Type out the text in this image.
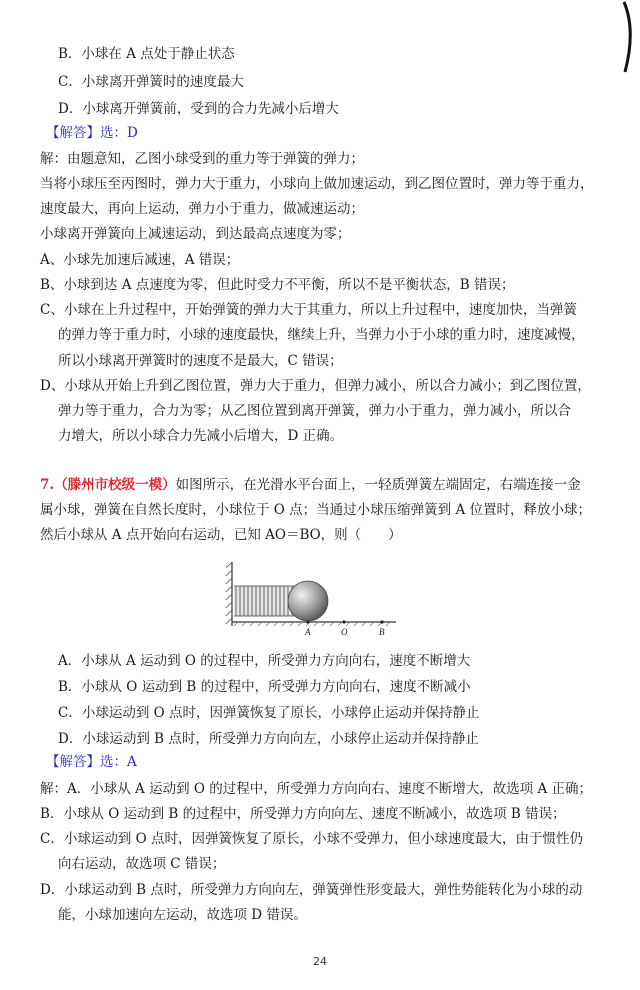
B．小球在 A 点处于静止状态
C．小球离开弹簧时的速度最大
D．小球离开弹簧前，受到的合力先减小后增大
【解答】选：D
解：由题意知，乙图小球受到的重力等于弹簧的弹力；
当将小球压至丙图时，弹力大于重力，小球向上做加速运动，到乙图位置时，弹力等于重力，
速度最大，再向上运动，弹力小于重力，做减速运动；
小球离开弹簧向上减速运动，到达最高点速度为零；
A、小球先加速后减速，A 错误；
B、小球到达 A 点速度为零，但此时受力不平衡，所以不是平衡状态，B 错误；
C、小球在上升过程中，开始弹簧的弹力大于其重力，所以上升过程中，速度加快，当弹簧
的弹力等于重力时，小球的速度最快，继续上升，当弹力小于小球的重力时，速度减慢，
所以小球离开弹簧时的速度不是最大，C 错误；
D、小球从开始上升到乙图位置，弹力大于重力，但弹力减小，所以合力减小；到乙图位置，
弹力等于重力，合力为零；从乙图位置到离开弹簧，弹力小于重力，弹力减小，所以合
力增大，所以小球合力先减小后增大，D 正确。
7.（滕州市校级一模）如图所示，在光滑水平台面上，一轻质弹簧左端固定，右端连接一金
属小球，弹簧在自然长度时，小球位于 O 点；当通过小球压缩弹簧到 A 位置时，释放小球；
然后小球从 A 点开始向右运动，已知 AO＝BO，则（　　）
A	O	B
A．小球从 A 运动到 O 的过程中，所受弹力方向向右，速度不断增大
B．小球从 O 运动到 B 的过程中，所受弹力方向向右，速度不断减小
C．小球运动到 O 点时，因弹簧恢复了原长，小球停止运动并保持静止
D．小球运动到 B 点时，所受弹力方向向左，小球停止运动并保持静止
【解答】选：A
解：A．小球从 A 运动到 O 的过程中，所受弹力方向向右、速度不断增大，故选项 A 正确；
B．小球从 O 运动到 B 的过程中，所受弹力方向向左、速度不断减小，故选项 B 错误；
C．小球运动到 O 点时，因弹簧恢复了原长，小球不受弹力，但小球速度最大，由于惯性仍
向右运动，故选项 C 错误；
D．小球运动到 B 点时，所受弹力方向向左，弹簧弹性形变最大，弹性势能转化为小球的动
能，小球加速向左运动，故选项 D 错误。
24
